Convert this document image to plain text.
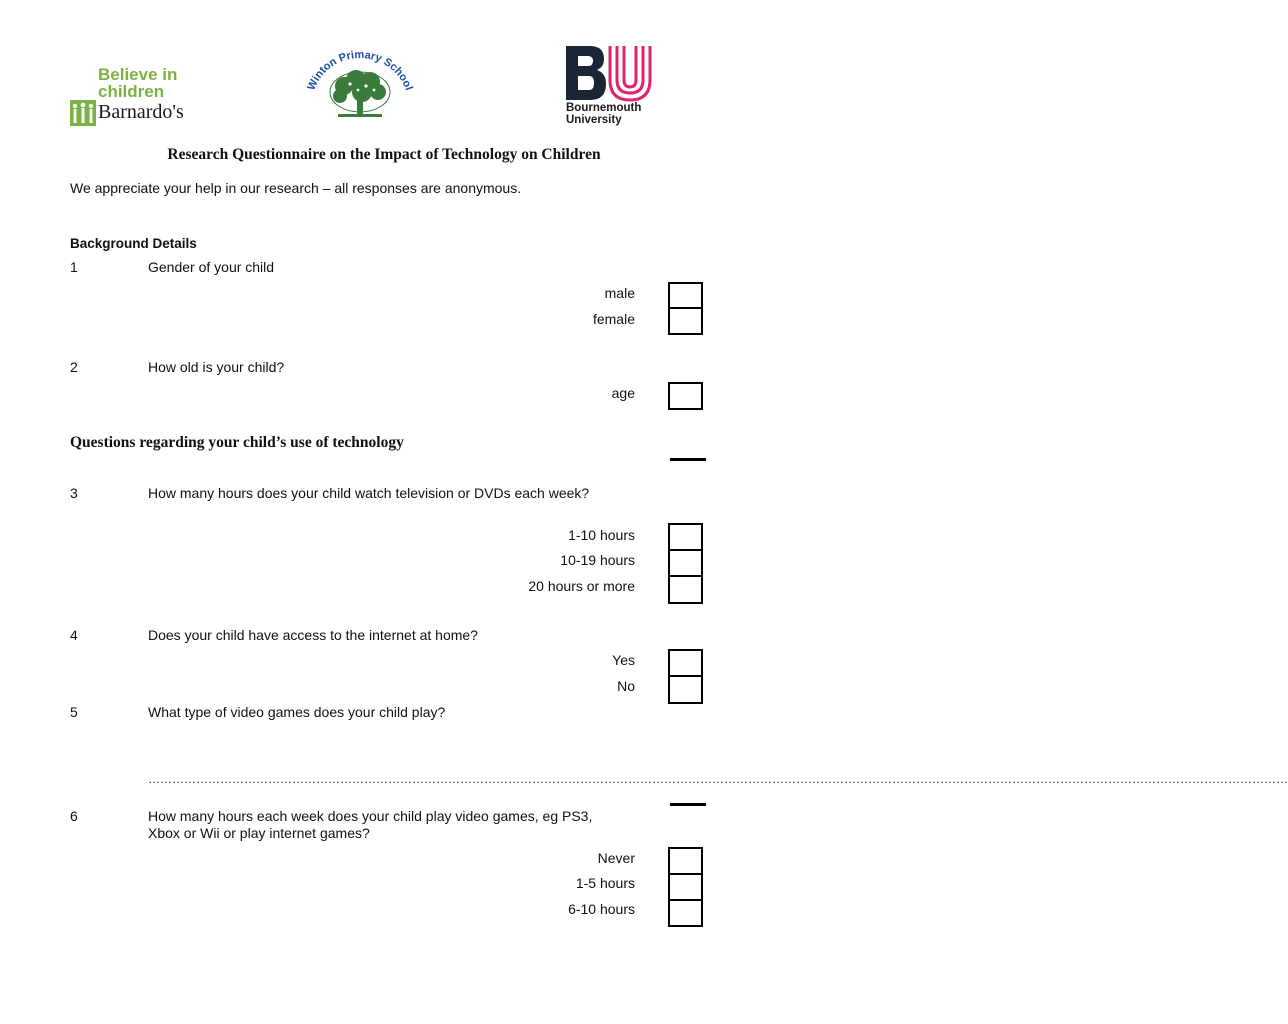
Believe in
children
Barnardo's
Winton Primary School
Bournemouth
University
Research Questionnaire on the Impact of Technology on Children
We appreciate your help in our research – all responses are anonymous.
Background Details
1	Gender of your child
male
female
2	How old is your child?
age
Questions regarding your child’s use of technology
3	How many hours does your child watch television or DVDs each week?
1-10 hours
10-19 hours
20 hours or more
4	Does your child have access to the internet at home?
Yes
No
5	What type of video games does your child play?
……………………………………………………………………………………………………………………………………………………………………………………………………………………………………………………………
6	How many hours each week does your child play video games, eg PS3, Xbox or Wii or play internet games?
Never
1-5 hours
6-10 hours
